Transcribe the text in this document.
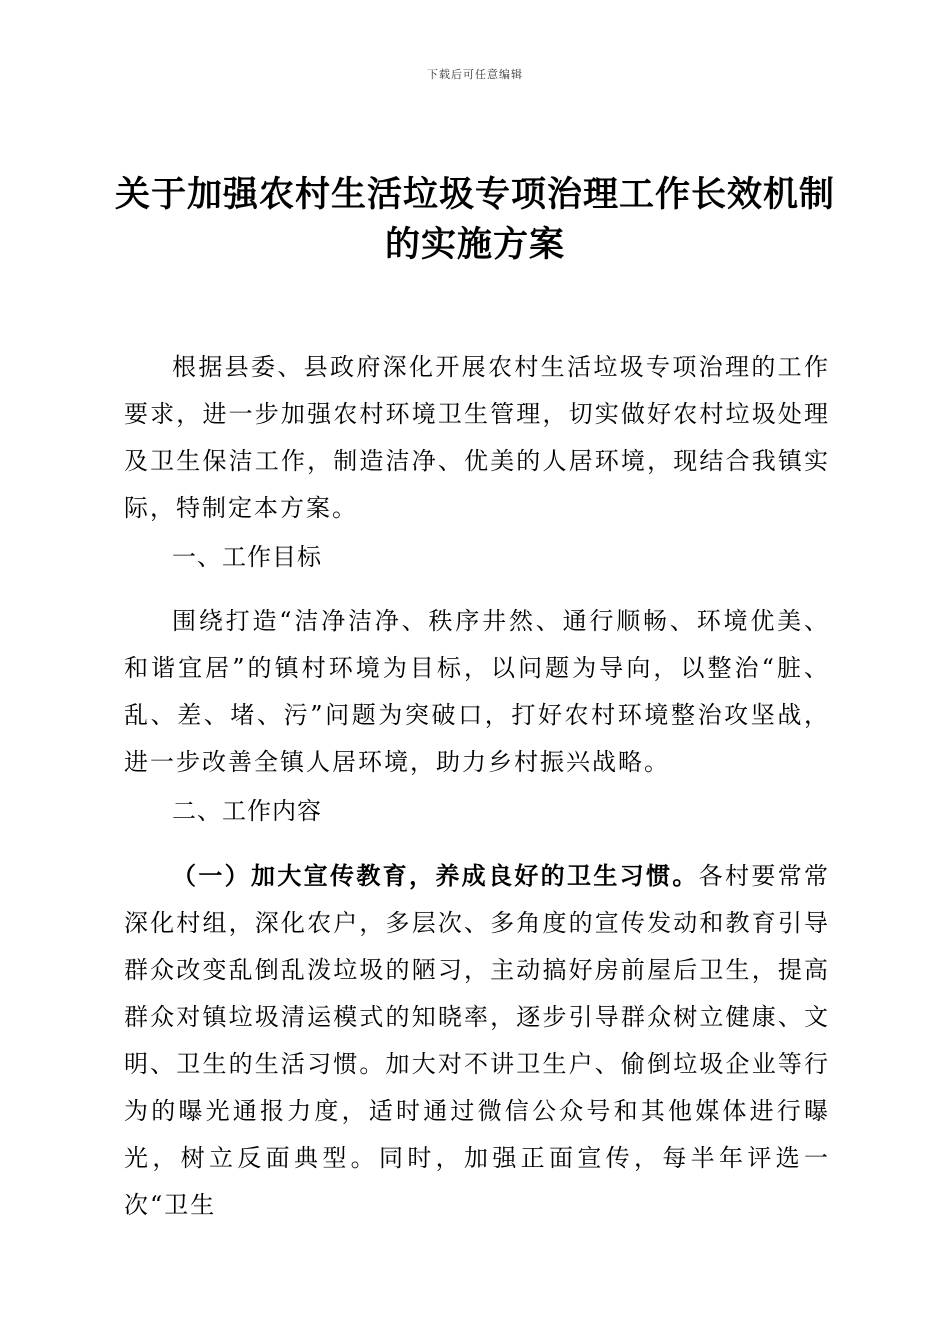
下载后可任意编辑
关于加强农村生活垃圾专项治理工作长效机制
的实施方案

根据县委、县政府深化开展农村生活垃圾专项治理的工作要求，进一步加强农村环境卫生管理，切实做好农村垃圾处理及卫生保洁工作，制造洁净、优美的人居环境，现结合我镇实际，特制定本方案。

一、工作目标

围绕打造“洁净洁净、秩序井然、通行顺畅、环境优美、和谐宜居”的镇村环境为目标，以问题为导向，以整治“脏、乱、差、堵、污”问题为突破口，打好农村环境整治攻坚战，进一步改善全镇人居环境，助力乡村振兴战略。

二、工作内容

（一）加大宣传教育，养成良好的卫生习惯。各村要常常深化村组，深化农户，多层次、多角度的宣传发动和教育引导群众改变乱倒乱泼垃圾的陋习，主动搞好房前屋后卫生，提高群众对镇垃圾清运模式的知晓率，逐步引导群众树立健康、文明、卫生的生活习惯。加大对不讲卫生户、偷倒垃圾企业等行为的曝光通报力度，适时通过微信公众号和其他媒体进行曝光，树立反面典型。同时，加强正面宣传，每半年评选一次“卫生
